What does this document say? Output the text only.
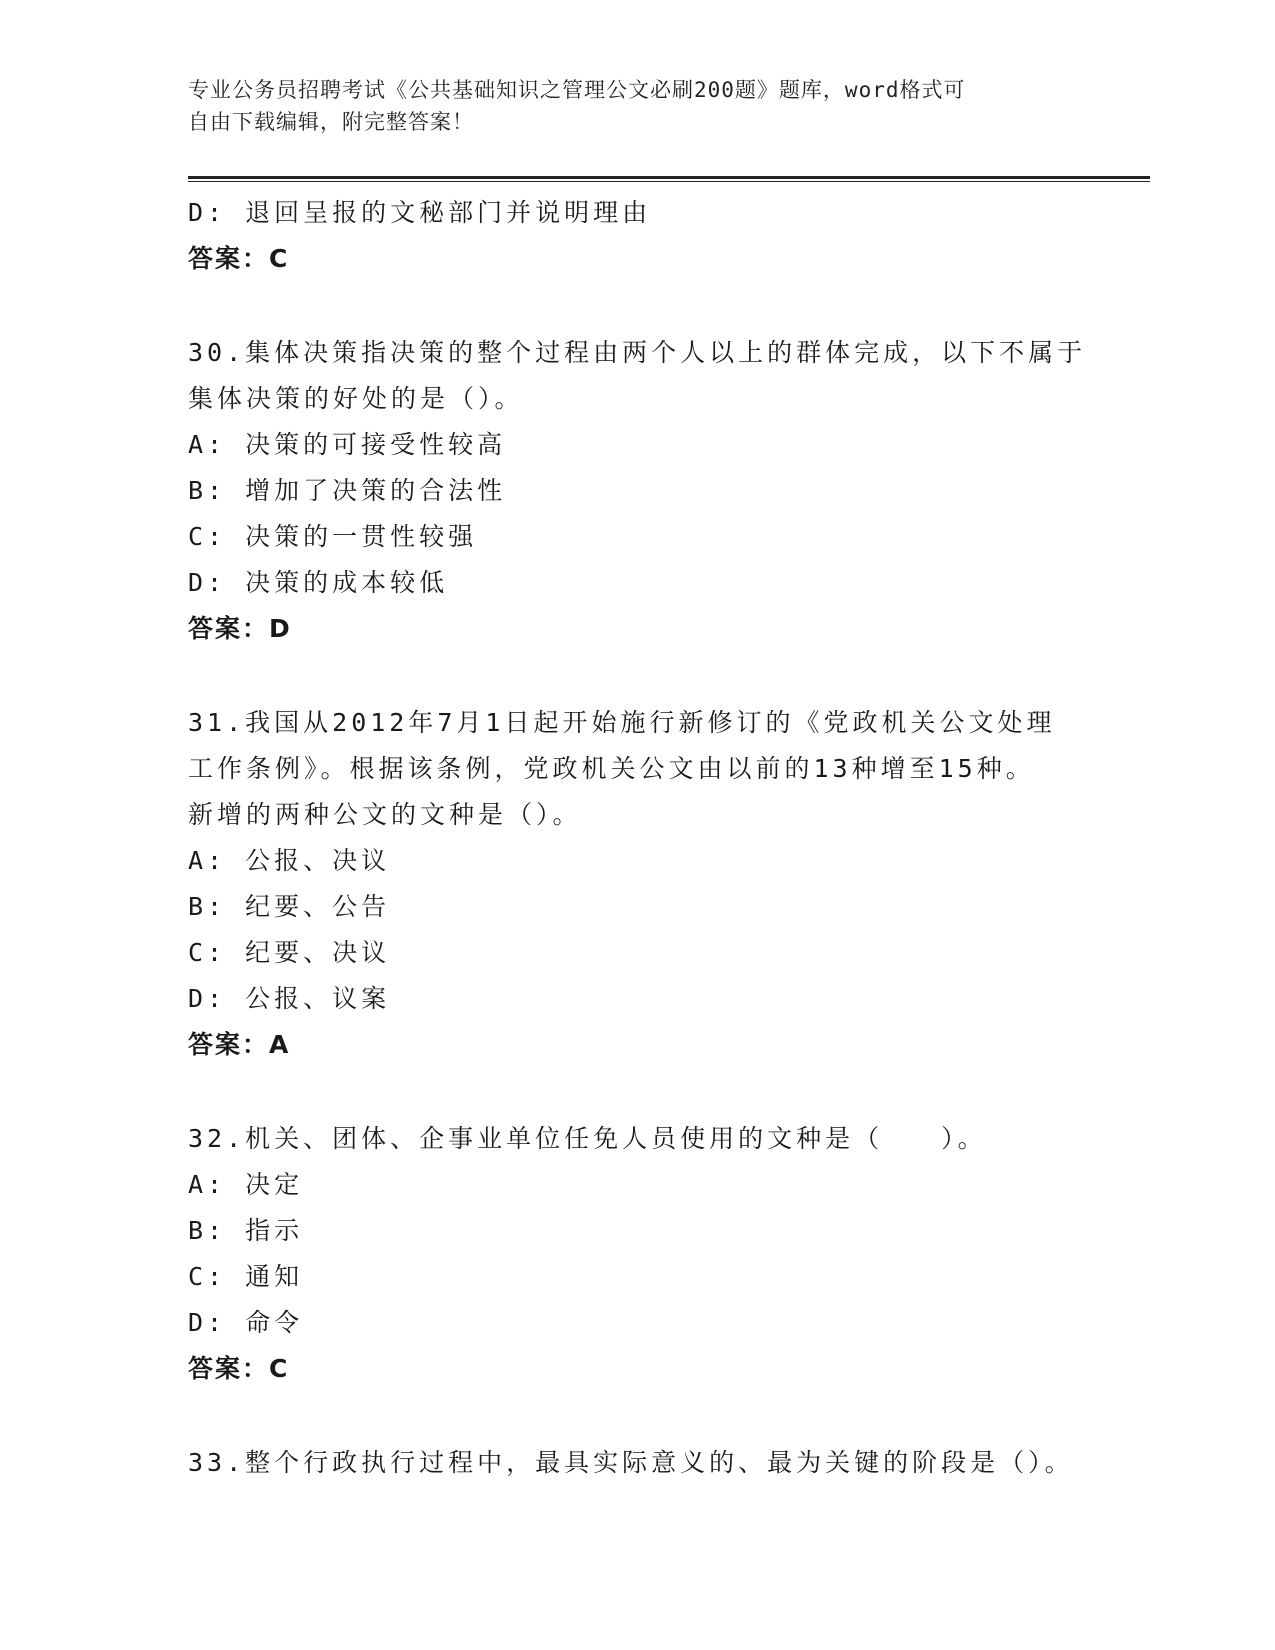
专业公务员招聘考试《公共基础知识之管理公文必刷200题》题库，word格式可
自由下载编辑，附完整答案！
D: 退回呈报的文秘部门并说明理由
答案：C
30.集体决策指决策的整个过程由两个人以上的群体完成，以下不属于
集体决策的好处的是（）。
A: 决策的可接受性较高
B: 增加了决策的合法性
C: 决策的一贯性较强
D: 决策的成本较低
答案：D
31.我国从2012年7月1日起开始施行新修订的《党政机关公文处理
工作条例》。根据该条例，党政机关公文由以前的13种增至15种。
新增的两种公文的文种是（）。
A: 公报、决议
B: 纪要、公告
C: 纪要、决议
D: 公报、议案
答案：A
32.机关、团体、企事业单位任免人员使用的文种是（　　）。
A: 决定
B: 指示
C: 通知
D: 命令
答案：C
33.整个行政执行过程中，最具实际意义的、最为关键的阶段是（）。
